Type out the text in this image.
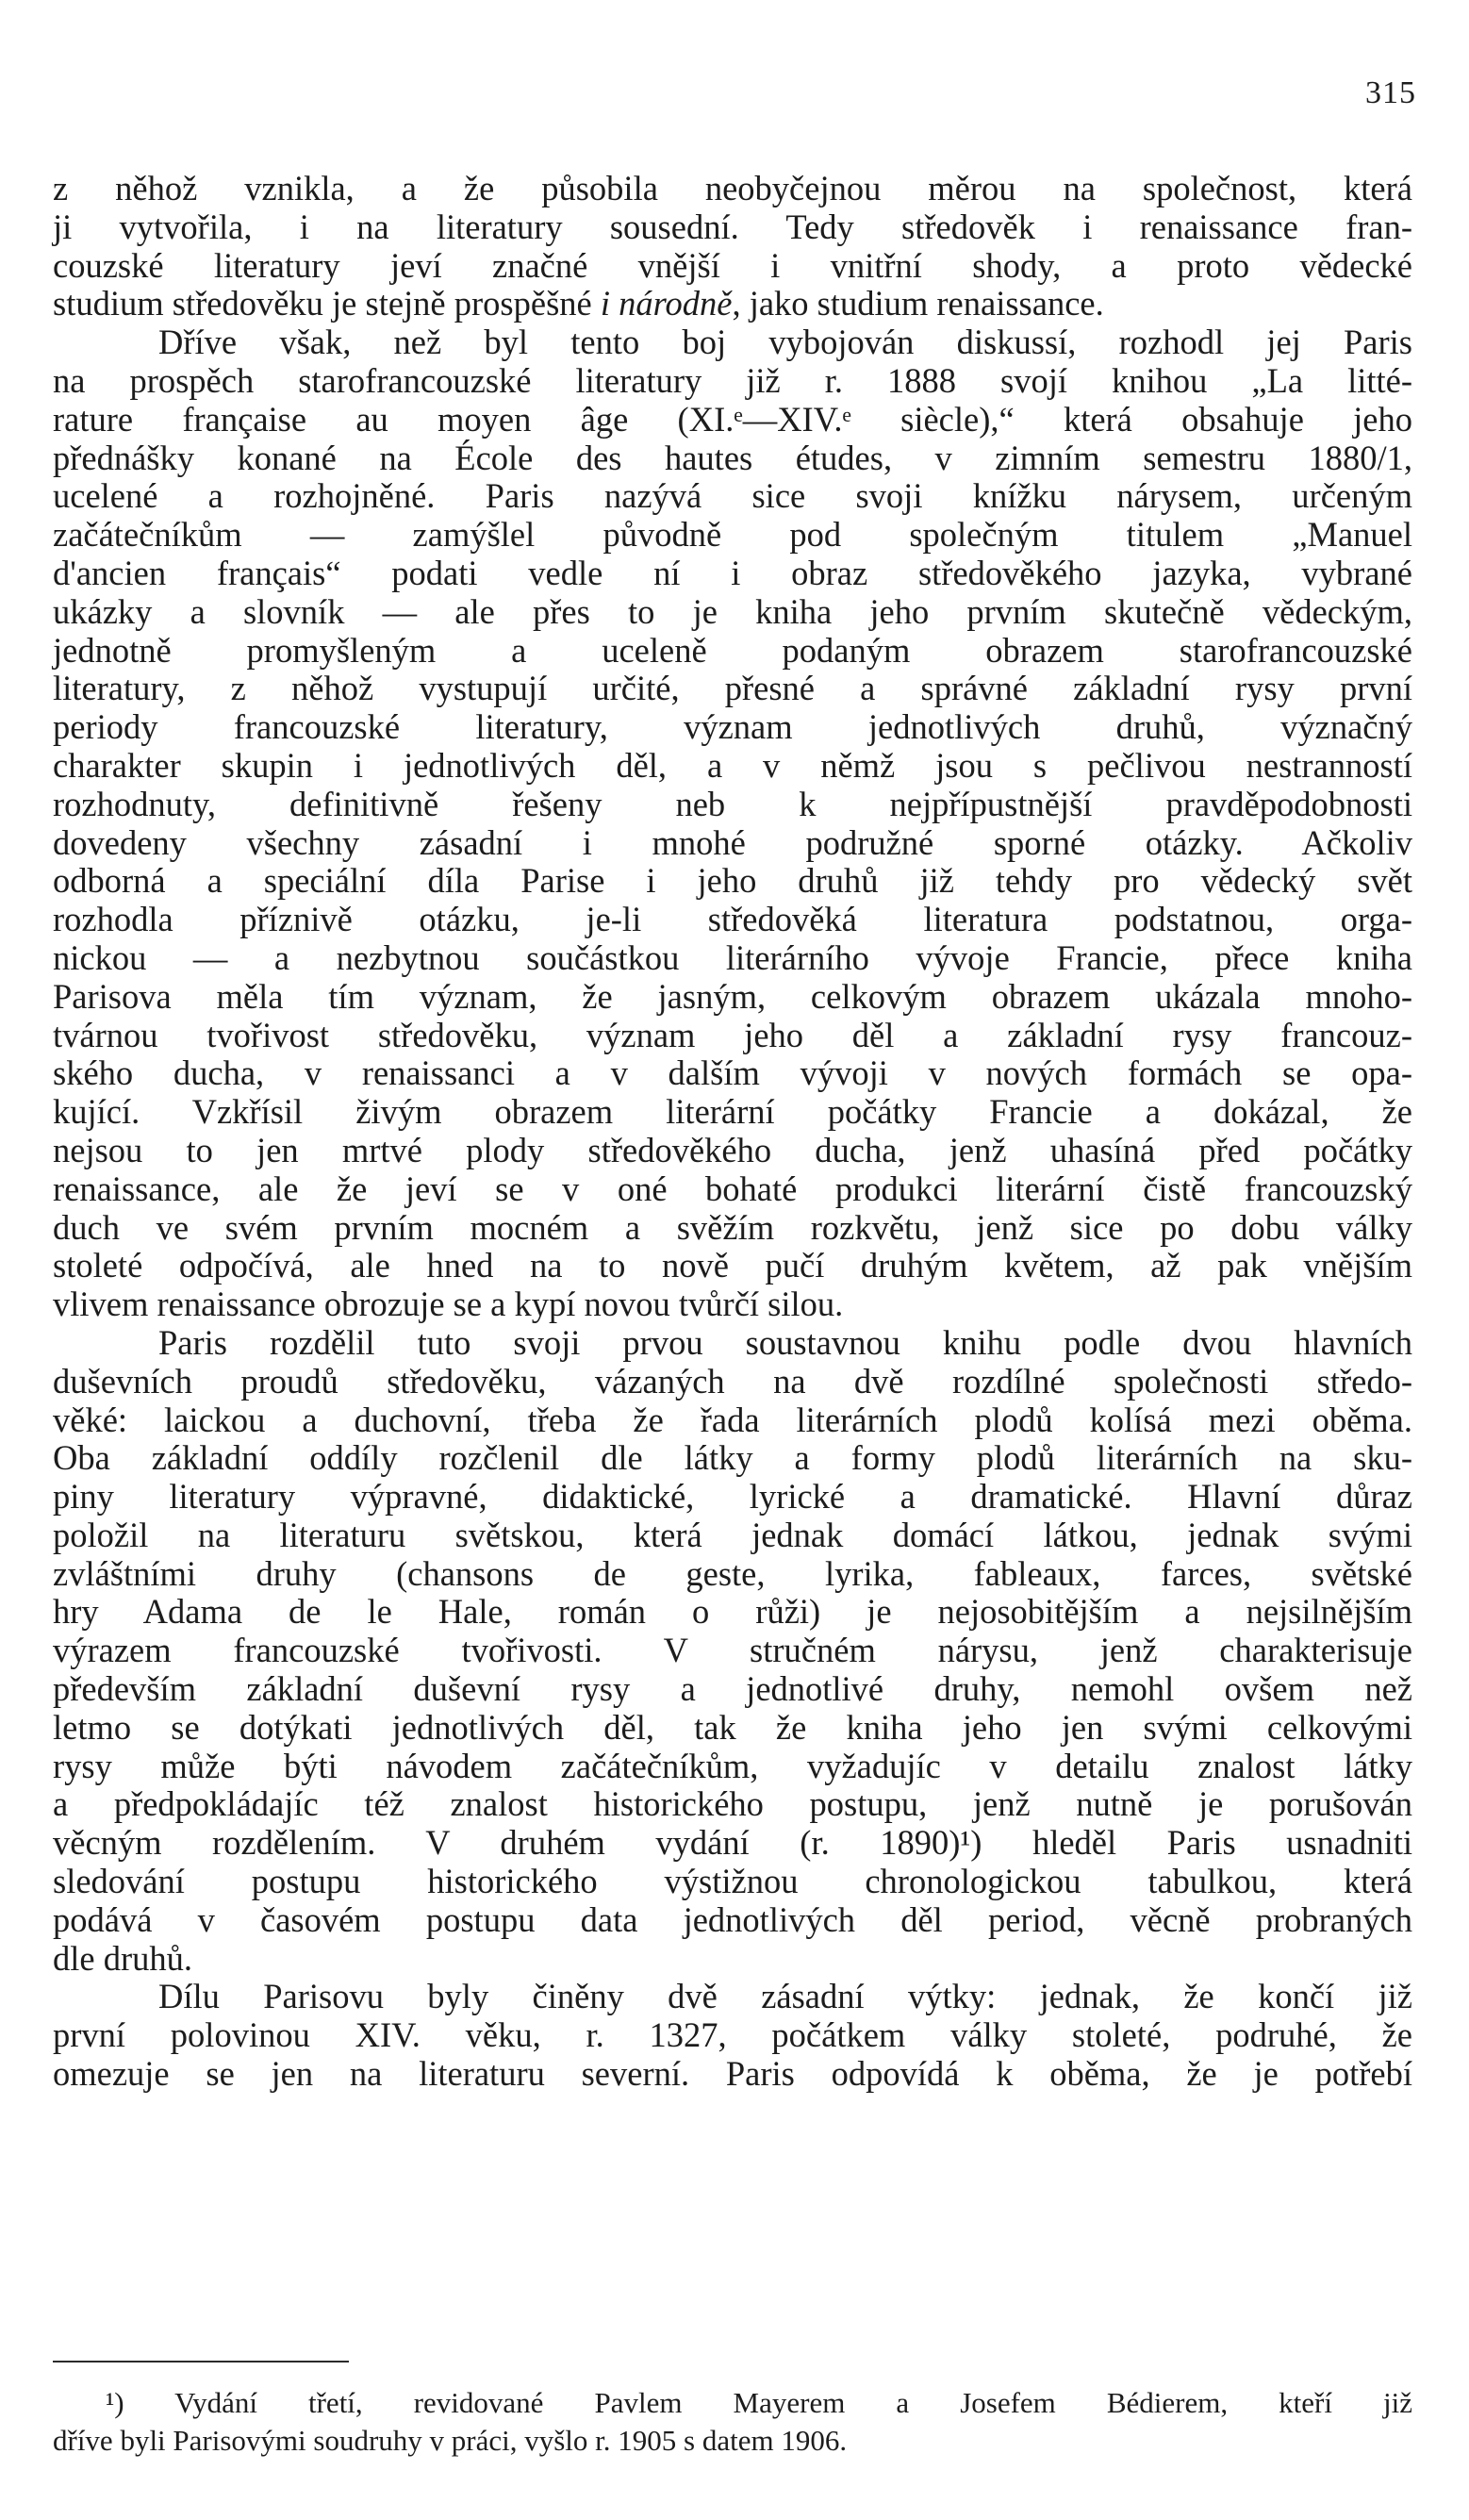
315

z něhož vznikla, a že působila neobyčejnou měrou na společnost, která
ji vytvořila, i na literatury sousední. Tedy středověk i renaissance fran-
couzské literatury jeví značné vnější i vnitřní shody, a proto vědecké
studium středověku je stejně prospěšné i národně, jako studium renaissance.

Dříve však, než byl tento boj vybojován diskussí, rozhodl jej Paris
na prospěch starofrancouzské literatury již r. 1888 svojí knihou „La litté-
rature française au moyen âge (XI.ᵉ—XIV.ᵉ siècle),“ která obsahuje jeho
přednášky konané na École des hautes études, v zimním semestru 1880/1,
ucelené a rozhojněné. Paris nazývá sice svoji knížku nárysem, určeným
začátečníkům — zamýšlel původně pod společným titulem „Manuel
d'ancien français“ podati vedle ní i obraz středověkého jazyka, vybrané
ukázky a slovník — ale přes to je kniha jeho prvním skutečně vědeckým,
jednotně promyšleným a uceleně podaným obrazem starofrancouzské
literatury, z něhož vystupují určité, přesné a správné základní rysy první
periody francouzské literatury, význam jednotlivých druhů, význačný
charakter skupin i jednotlivých děl, a v němž jsou s pečlivou nestranností
rozhodnuty, definitivně řešeny neb k nejpřípustnější pravděpodobnosti
dovedeny všechny zásadní i mnohé podružné sporné otázky. Ačkoliv
odborná a speciální díla Parise i jeho druhů již tehdy pro vědecký svět
rozhodla příznivě otázku, je-li středověká literatura podstatnou, orga-
nickou — a nezbytnou součástkou literárního vývoje Francie, přece kniha
Parisova měla tím význam, že jasným, celkovým obrazem ukázala mnoho-
tvárnou tvořivost středověku, význam jeho děl a základní rysy francouz-
ského ducha, v renaissanci a v dalším vývoji v nových formách se opa-
kující. Vzkřísil živým obrazem literární počátky Francie a dokázal, že
nejsou to jen mrtvé plody středověkého ducha, jenž uhasíná před počátky
renaissance, ale že jeví se v oné bohaté produkci literární čistě francouzský
duch ve svém prvním mocném a svěžím rozkvětu, jenž sice po dobu války
stoleté odpočívá, ale hned na to nově pučí druhým květem, až pak vnějším
vlivem renaissance obrozuje se a kypí novou tvůrčí silou.

Paris rozdělil tuto svoji prvou soustavnou knihu podle dvou hlavních
duševních proudů středověku, vázaných na dvě rozdílné společnosti středo-
věké: laickou a duchovní, třeba že řada literárních plodů kolísá mezi oběma.
Oba základní oddíly rozčlenil dle látky a formy plodů literárních na sku-
piny literatury výpravné, didaktické, lyrické a dramatické. Hlavní důraz
položil na literaturu světskou, která jednak domácí látkou, jednak svými
zvláštními druhy (chansons de geste, lyrika, fableaux, farces, světské
hry Adama de le Hale, román o růži) je nejosobitějším a nejsilnějším
výrazem francouzské tvořivosti. V stručném nárysu, jenž charakterisuje
především základní duševní rysy a jednotlivé druhy, nemohl ovšem než
letmo se dotýkati jednotlivých děl, tak že kniha jeho jen svými celkovými
rysy může býti návodem začátečníkům, vyžadujíc v detailu znalost látky
a předpokládajíc též znalost historického postupu, jenž nutně je porušován
věcným rozdělením. V druhém vydání (r. 1890)¹) hleděl Paris usnadniti
sledování postupu historického výstižnou chronologickou tabulkou, která
podává v časovém postupu data jednotlivých děl period, věcně probraných
dle druhů.

Dílu Parisovu byly činěny dvě zásadní výtky: jednak, že končí již
první polovinou XIV. věku, r. 1327, počátkem války stoleté, podruhé, že
omezuje se jen na literaturu severní. Paris odpovídá k oběma, že je potřebí

¹) Vydání třetí, revidované Pavlem Mayerem a Josefem Bédierem, kteří již
dříve byli Parisovými soudruhy v práci, vyšlo r. 1905 s datem 1906.
